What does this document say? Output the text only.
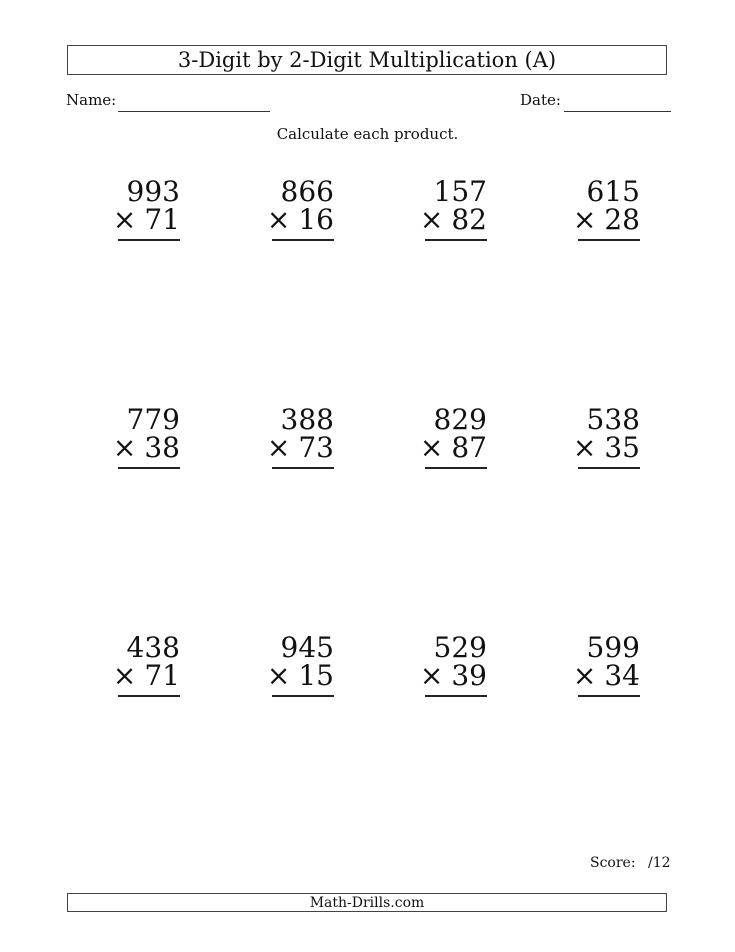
3-Digit by 2-Digit Multiplication (A)
Name:	Date:
Calculate each product.
993
× 71
866
× 16
157
× 82
615
× 28
779
× 38
388
× 73
829
× 87
538
× 35
438
× 71
945
× 15
529
× 39
599
× 34
Score: /12
Math-Drills.com
